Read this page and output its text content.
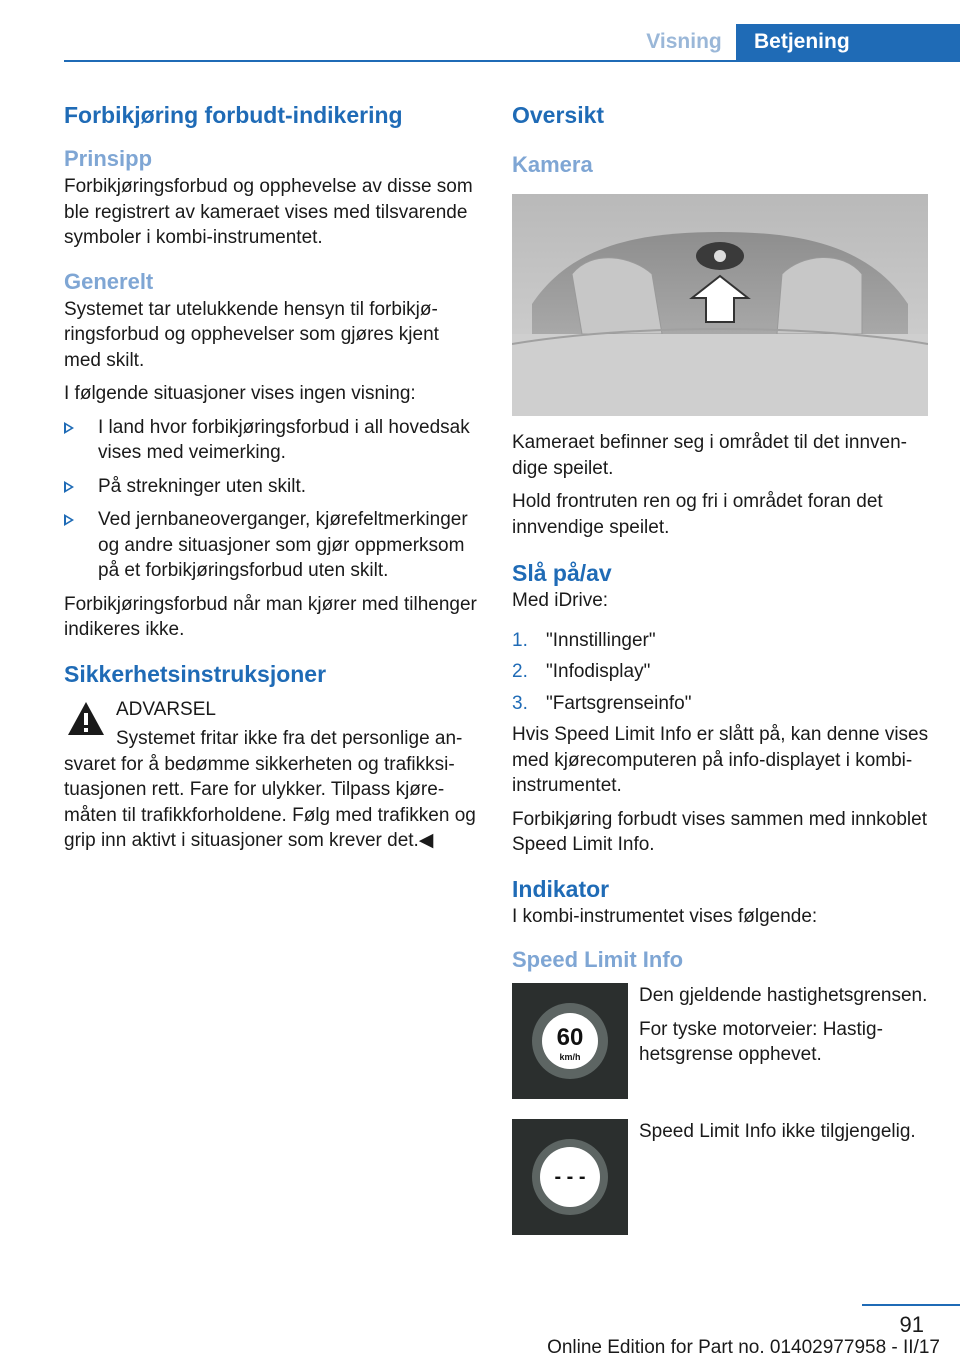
Visning	Betjening
Forbikjøring forbudt-indikering
Prinsipp

Forbikjøringsforbud og opphevelse av disse som ble registrert av kameraet vises med tilsvarende symboler i kombi-instrumentet.

Generelt

Systemet tar utelukkende hensyn til forbikjøringsforbud og opphevelser som gjøres kjent med skilt.

I følgende situasjoner vises ingen visning:

I land hvor forbikjøringsforbud i all hovedsak vises med veimerking.
På strekninger uten skilt.
Ved jernbaneoverganger, kjørefeltmerkinger og andre situasjoner som gjør oppmerksom på et forbikjøringsforbud uten skilt.

Forbikjøringsforbud når man kjører med tilhenger indikeres ikke.

Sikkerhetsinstruksjoner

ADVARSEL

Systemet fritar ikke fra det personlige ansvaret for å bedømme sikkerheten og trafikksituasjonen rett. Fare for ulykker. Tilpass kjøremåten til trafikkforholdene. Følg med trafikken og grip inn aktivt i situasjoner som krever det.◀

Oversikt
Kamera

Kameraet befinner seg i området til det innvendige speilet.

Hold frontruten ren og fri i området foran det innvendige speilet.

Slå på/av

Med iDrive:

1. "Innstillinger"
2. "Infodisplay"
3. "Fartsgrenseinfo"

Hvis Speed Limit Info er slått på, kan denne vises med kjørecomputeren på info-displayet i kombi-instrumentet.

Forbikjøring forbudt vises sammen med innkoblet Speed Limit Info.

Indikator

I kombi-instrumentet vises følgende:

Speed Limit Info
60
km/h

Den gjeldende hastighetsgrensen.

For tyske motorveier: Hastighetsgrense opphevet.

- - -

Speed Limit Info ikke tilgjengelig.

91
Online Edition for Part no. 01402977958 - II/17
